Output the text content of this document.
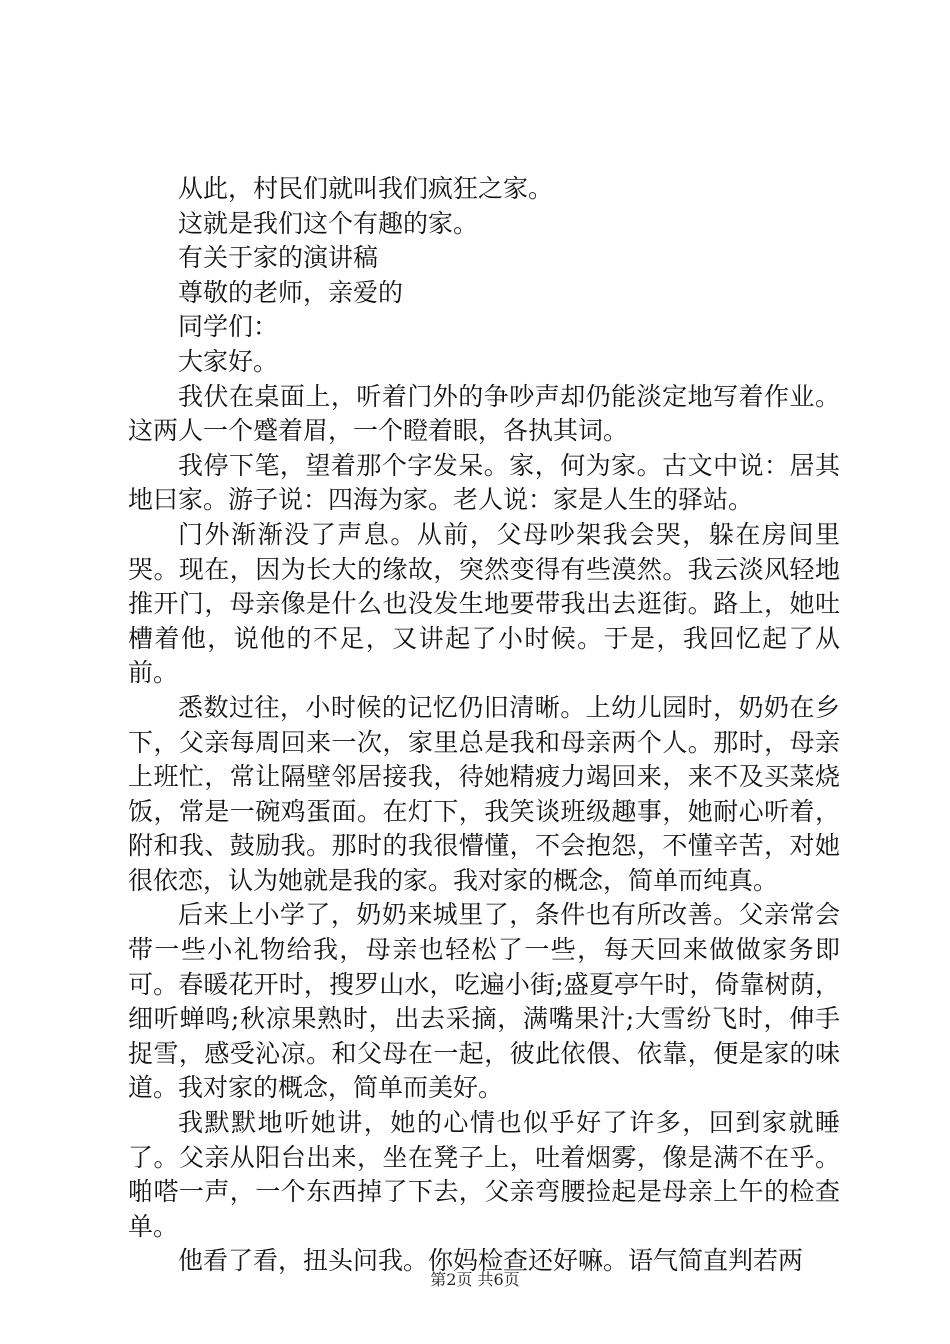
从此，村民们就叫我们疯狂之家。

这就是我们这个有趣的家。

有关于家的演讲稿

尊敬的老师，亲爱的

同学们：

大家好。

我伏在桌面上，听着门外的争吵声却仍能淡定地写着作业。这两人一个蹙着眉，一个瞪着眼，各执其词。

我停下笔，望着那个字发呆。家，何为家。古文中说：居其地曰家。游子说：四海为家。老人说：家是人生的驿站。

门外渐渐没了声息。从前，父母吵架我会哭，躲在房间里哭。现在，因为长大的缘故，突然变得有些漠然。我云淡风轻地推开门，母亲像是什么也没发生地要带我出去逛街。路上，她吐槽着他，说他的不足，又讲起了小时候。于是，我回忆起了从前。

悉数过往，小时候的记忆仍旧清晰。上幼儿园时，奶奶在乡下，父亲每周回来一次，家里总是我和母亲两个人。那时，母亲上班忙，常让隔壁邻居接我，待她精疲力竭回来，来不及买菜烧饭，常是一碗鸡蛋面。在灯下，我笑谈班级趣事，她耐心听着，附和我、鼓励我。那时的我很懵懂，不会抱怨，不懂辛苦，对她很依恋，认为她就是我的家。我对家的概念，简单而纯真。

后来上小学了，奶奶来城里了，条件也有所改善。父亲常会带一些小礼物给我，母亲也轻松了一些，每天回来做做家务即可。春暖花开时，搜罗山水，吃遍小街;盛夏亭午时，倚靠树荫，细听蝉鸣;秋凉果熟时，出去采摘，满嘴果汁;大雪纷飞时，伸手捉雪，感受沁凉。和父母在一起，彼此依偎、依靠，便是家的味道。我对家的概念，简单而美好。

我默默地听她讲，她的心情也似乎好了许多，回到家就睡了。父亲从阳台出来，坐在凳子上，吐着烟雾，像是满不在乎。啪嗒一声，一个东西掉了下去，父亲弯腰捡起是母亲上午的检查单。

他看了看，扭头问我。你妈检查还好嘛。语气简直判若两

第2页 共6页
